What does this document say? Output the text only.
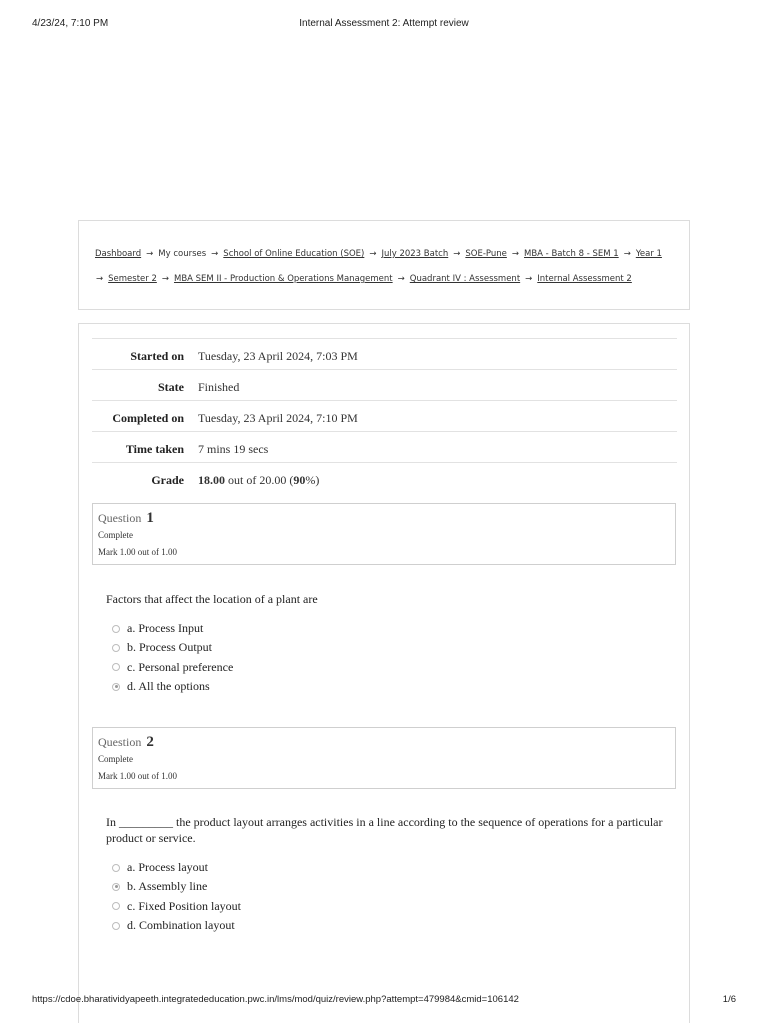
4/23/24, 7:10 PM	Internal Assessment 2: Attempt review
Dashboard → My courses → School of Online Education (SOE) → July 2023 Batch → SOE-Pune → MBA - Batch 8 - SEM 1 → Year 1
→ Semester 2 → MBA SEM II - Production & Operations Management → Quadrant IV : Assessment → Internal Assessment 2
Started on Tuesday, 23 April 2024, 7:03 PM
State Finished
Completed on Tuesday, 23 April 2024, 7:10 PM
Time taken 7 mins 19 secs
Grade 18.00 out of 20.00 (90%)
Question 1
Complete
Mark 1.00 out of 1.00
Factors that affect the location of a plant are
a. Process Input
b. Process Output
c. Personal preference
d. All the options
Question 2
Complete
Mark 1.00 out of 1.00
In _________ the product layout arranges activities in a line according to the sequence of operations for a particular product or service.
a. Process layout
b. Assembly line
c. Fixed Position layout
d. Combination layout
https://cdoe.bharatividyapeeth.integratededucation.pwc.in/lms/mod/quiz/review.php?attempt=479984&cmid=106142	1/6
